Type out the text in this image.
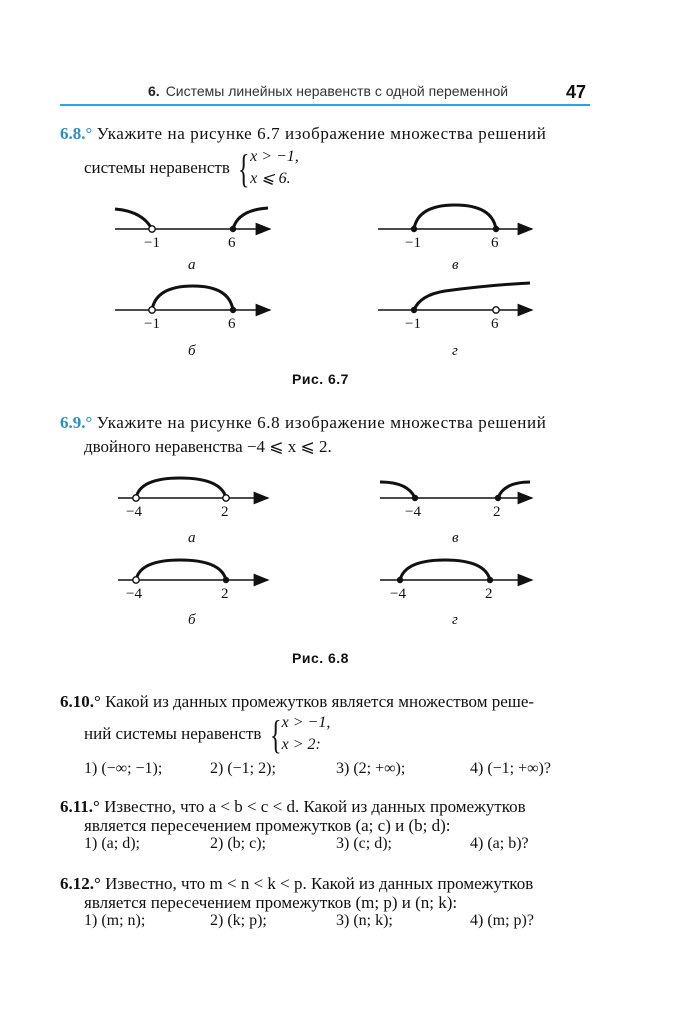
6. Системы линейных неравенств с одной переменной	47
6.8.° Укажите на рисунке 6.7 изображение множества решений
системы неравенств { x > −1,
x ⩽ 6.
−1	6
а
−1	6
в
−1	6
б
−1	6
г
Рис. 6.7
6.9.° Укажите на рисунке 6.8 изображение множества решений
двойного неравенства −4 ⩽ x ⩽ 2.
−4	2
а
−4	2
в
−4	2
б
−4	2
г
Рис. 6.8
6.10.° Какой из данных промежутков является множеством реше-
ний системы неравенств { x > −1,
x > 2:
1) (−∞; −1);	2) (−1; 2);	3) (2; +∞);	4) (−1; +∞)?
6.11.° Известно, что a < b < c < d. Какой из данных промежутков
является пересечением промежутков (a; c) и (b; d):
1) (a; d);	2) (b; c);	3) (c; d);	4) (a; b)?
6.12.° Известно, что m < n < k < p. Какой из данных промежутков
является пересечением промежутков (m; p) и (n; k):
1) (m; n);	2) (k; p);	3) (n; k);	4) (m; p)?
